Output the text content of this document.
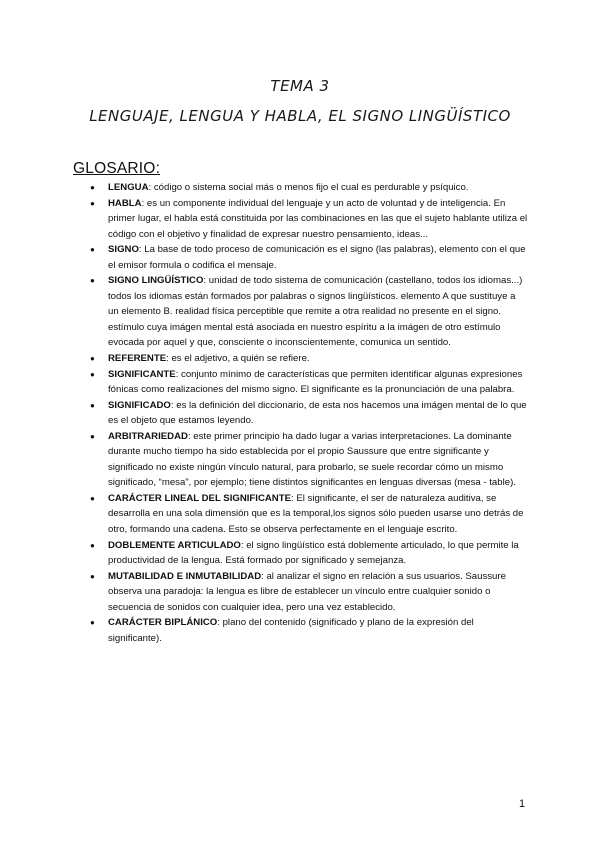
TEMA 3
LENGUAJE, LENGUA Y HABLA, EL SIGNO LINGÜÍSTICO
GLOSARIO:
● LENGUA: código o sistema social más o menos fijo el cual es perdurable y psíquico.
● HABLA: es un componente individual del lenguaje y un acto de voluntad y de inteligencia. En primer lugar, el habla está constituida por las combinaciones en las que el sujeto hablante utiliza el código con el objetivo y finalidad de expresar nuestro pensamiento, ideas...
● SIGNO: La base de todo proceso de comunicación es el signo (las palabras), elemento con el que el emisor formula o codifica el mensaje.
● SIGNO LINGÜÍSTICO: unidad de todo sistema de comunicación (castellano, todos los idiomas...) todos los idiomas están formados por palabras o signos lingüísticos. elemento A que sustituye a un elemento B. realidad física perceptible que remite a otra realidad no presente en el signo. estímulo cuya imágen mental está asociada en nuestro espíritu a la imágen de otro estímulo evocada por aquel y que, consciente o inconscientemente, comunica un sentido.
● REFERENTE: es el adjetivo, a quién se refiere.
● SIGNIFICANTE: conjunto mínimo de características que permiten identificar algunas expresiones fónicas como realizaciones del mismo signo. El significante es la pronunciación de una palabra.
● SIGNIFICADO: es la definición del diccionario, de esta nos hacemos una imágen mental de lo que es el objeto que estamos leyendo.
● ARBITRARIEDAD: este primer principio ha dado lugar a varias interpretaciones. La dominante durante mucho tiempo ha sido establecida por el propio Saussure que entre significante y significado no existe ningún vínculo natural, para probarlo, se suele recordar cómo un mismo significado, “mesa”, por ejemplo; tiene distintos significantes en lenguas diversas (mesa - table).
● CARÁCTER LINEAL DEL SIGNIFICANTE: El significante, el ser de naturaleza auditiva, se desarrolla en una sola dimensión que es la temporal,los signos sólo pueden usarse uno detrás de otro, formando una cadena. Esto se observa perfectamente en el lenguaje escrito.
● DOBLEMENTE ARTICULADO: el signo lingüístico está doblemente articulado, lo que permite la productividad de la lengua. Está formado por significado y semejanza.
● MUTABILIDAD E INMUTABILIDAD: al analizar el signo en relación a sus usuarios. Saussure observa una paradoja: la lengua es libre de establecer un vínculo entre cualquier sonido o secuencia de sonidos con cualquier idea, pero una vez establecido.
● CARÁCTER BIPLÁNICO: plano del contenido (significado y plano de la expresión del significante).
1
